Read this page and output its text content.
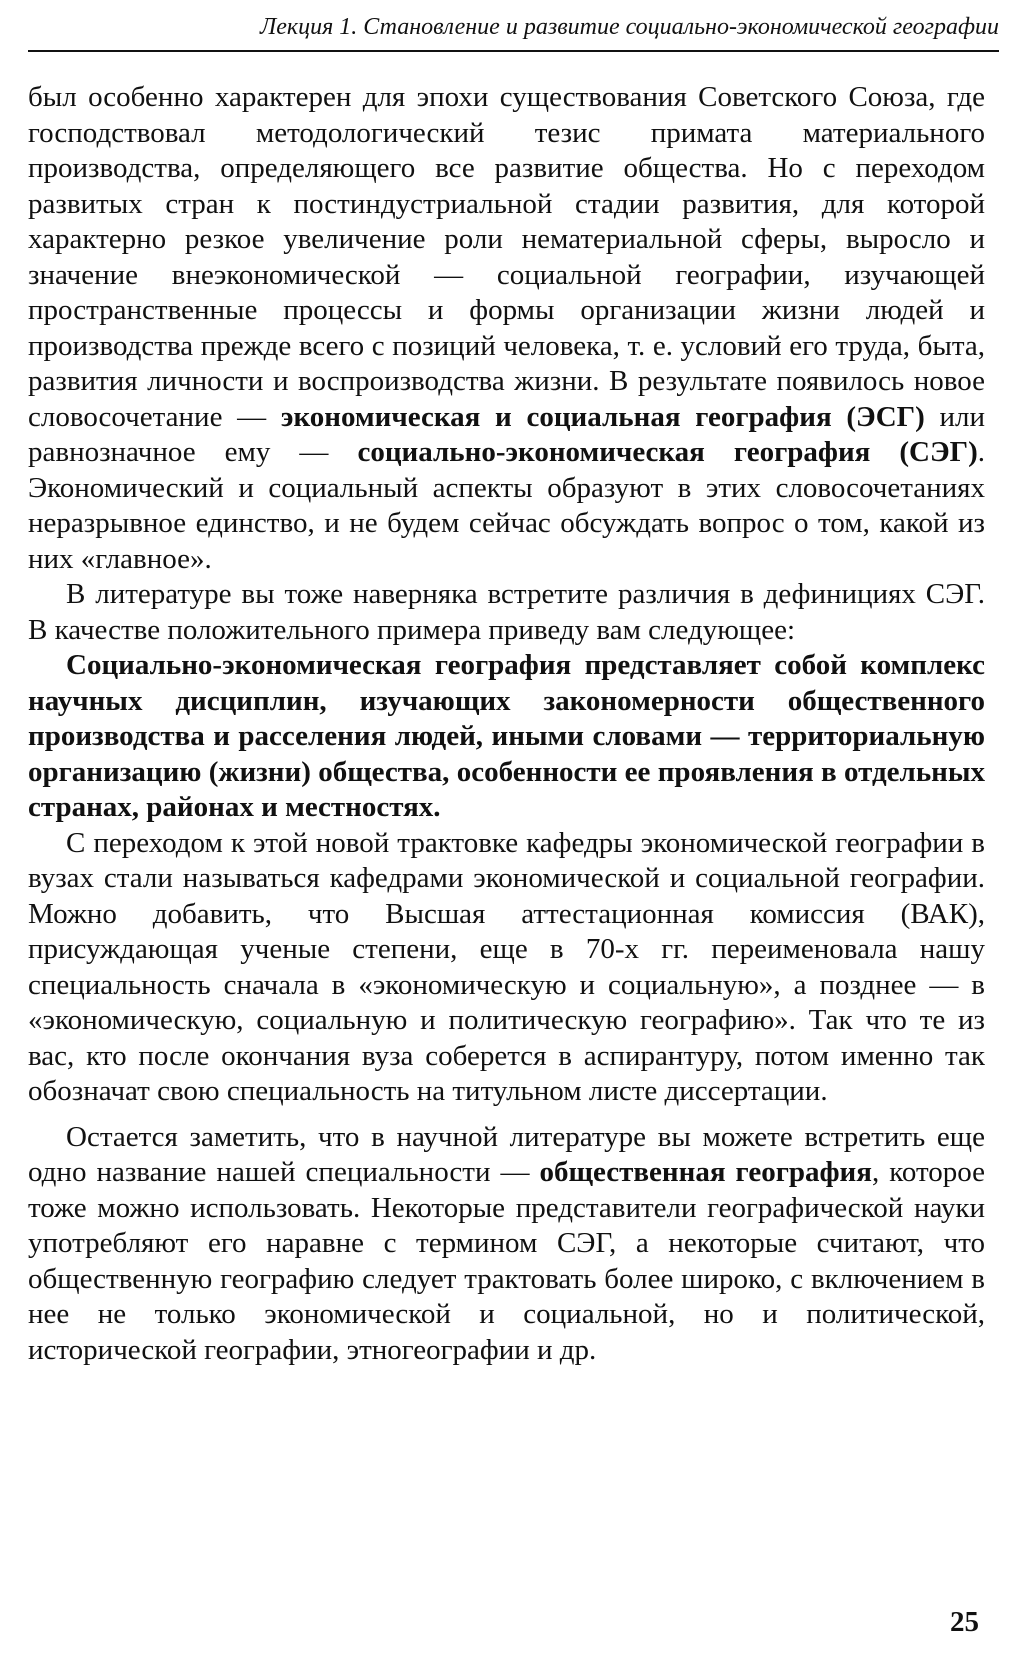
Лекция 1. Становление и развитие социально-экономической географии

был особенно характерен для эпохи существования Советского Союза, где господствовал методологический тезис примата материального производства, определяющего все развитие общества. Но с переходом развитых стран к постиндустриальной стадии развития, для которой характерно резкое увеличение роли нематериальной сферы, выросло и значение внеэкономической — социальной географии, изучающей пространственные процессы и формы организации жизни людей и производства прежде всего с позиций человека, т. е. условий его труда, быта, развития личности и воспроизводства жизни. В результате появилось новое словосочетание — экономическая и социальная география (ЭСГ) или равнозначное ему — социально-экономическая география (СЭГ). Экономический и социальный аспекты образуют в этих словосочетаниях неразрывное единство, и не будем сейчас обсуждать вопрос о том, какой из них «главное».

В литературе вы тоже наверняка встретите различия в дефинициях СЭГ. В качестве положительного примера приведу вам следующее:

Социально-экономическая география представляет собой комплекс научных дисциплин, изучающих закономерности общественного производства и расселения людей, иными словами — территориальную организацию (жизни) общества, особенности ее проявления в отдельных странах, районах и местностях.

С переходом к этой новой трактовке кафедры экономической географии в вузах стали называться кафедрами экономической и социальной географии. Можно добавить, что Высшая аттестационная комиссия (ВАК), присуждающая ученые степени, еще в 70-х гг. переименовала нашу специальность сначала в «экономическую и социальную», а позднее — в «экономическую, социальную и политическую географию». Так что те из вас, кто после окончания вуза соберется в аспирантуру, потом именно так обозначат свою специальность на титульном листе диссертации.

Остается заметить, что в научной литературе вы можете встретить еще одно название нашей специальности — общественная география, которое тоже можно использовать. Некоторые представители географической науки употребляют его наравне с термином СЭГ, а некоторые считают, что общественную географию следует трактовать более широко, с включением в нее не только экономической и социальной, но и политической, исторической географии, этногеографии и др.

25
